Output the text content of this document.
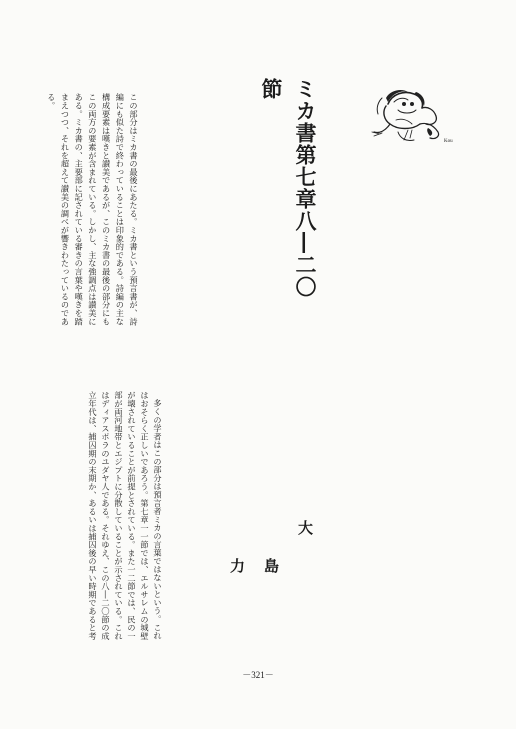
Kou
ミカ書第七章八―二〇節
大
島
力

この部分はミカ書の最後にあたる。ミカ書という預言書が、詩編にも似た詩で終わっていることは印象的である。詩編の主な構成要素は嘆きと讃美であるが、このミカ書の最後の部分にもこの両方の要素が含まれている。しかし、主な強調点は讃美にある。ミカ書の、主要部に記されている審きの言葉や嘆きを踏まえつつ、それを超えて讃美の調べが響きわたっているのである。

多くの学者はこの部分は預言者ミカの言葉ではないという。これはおそらく正しいであろう。第七章一一節では、エルサレムの城壁が壊されていることが前提とされている。また一二節では、民の一部が両河地帯とエジプトに分散していることが示されている。これはディアスポラのユダヤ人である。それゆえ、この八―二〇節の成立年代は、捕囚期の末期か、あるいは捕囚後の早い時期であると考

－321－
